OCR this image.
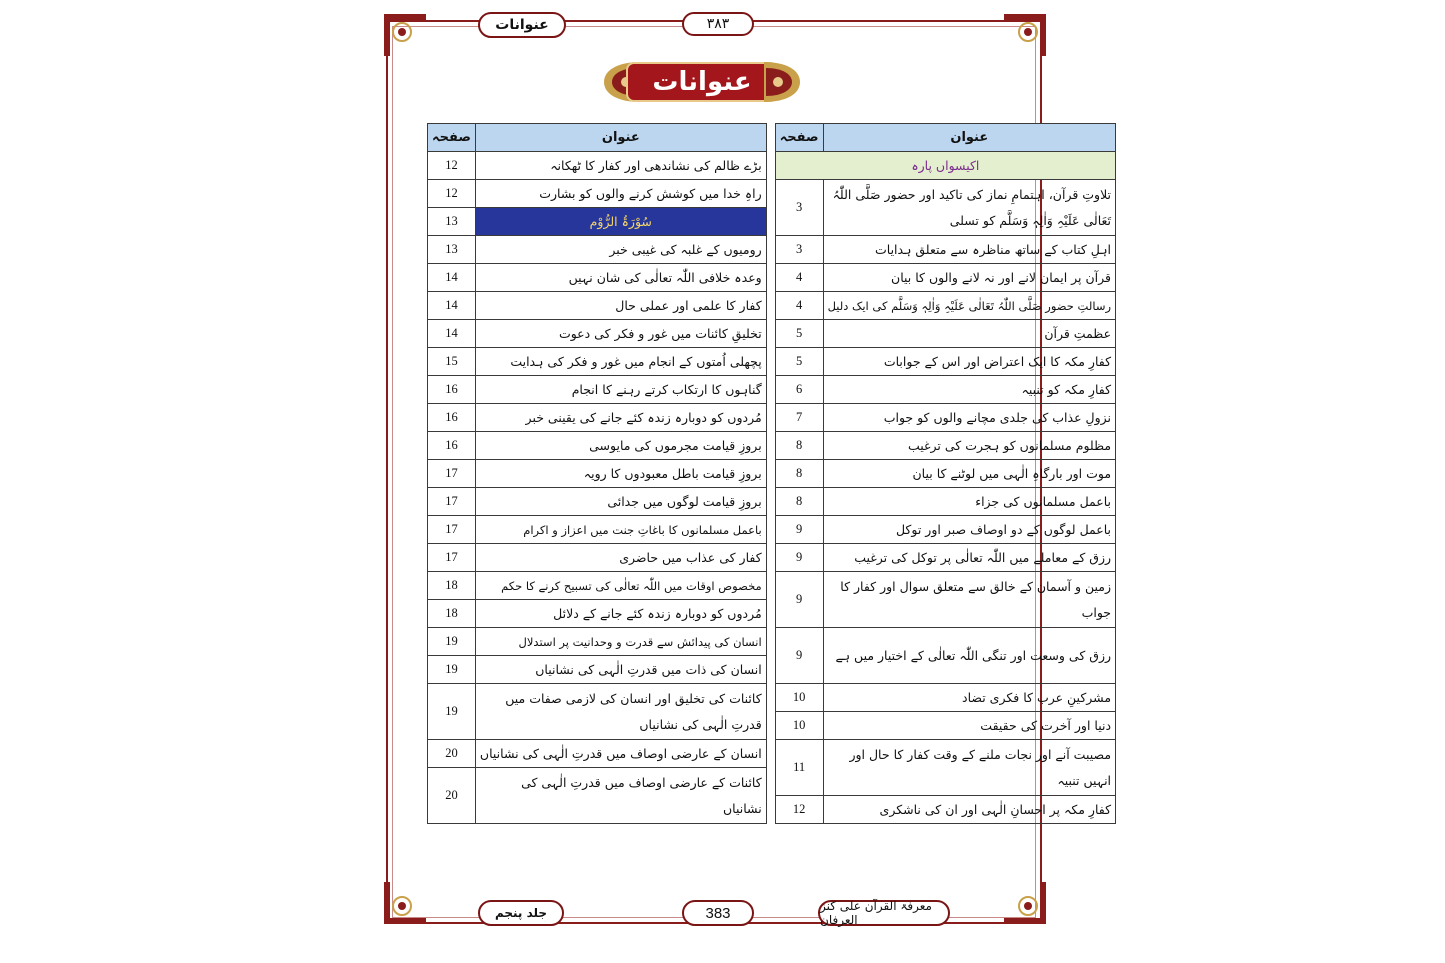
عنوانات	٣٨٣
عنوانات
عنوان	صفحہ		عنوان	صفحہ
اکیسواں پارہ			بڑے ظالم کی نشاندھی اور کفار کا ٹھکانہ	12
تلاوتِ قرآن، اہتمامِ نماز کی تاکید اور حضور صَلَّی اللّٰہُ تَعَالٰی عَلَیْہِ وَاٰلِہٖ وَسَلَّم کو تسلی	3		راہِ خدا میں کوشش کرنے والوں کو بشارت	12
			سُوْرَۃُ الرُّوْم	13
اہلِ کتاب کے ساتھ مناظرہ سے متعلق ہدایات	3		رومیوں کے غلبہ کی غیبی خبر	13
قرآن پر ایمان لانے اور نہ لانے والوں کا بیان	4		وعدہ خلافی اللّٰہ تعالٰی کی شان نہیں	14
رسالتِ حضور صَلَّی اللّٰہُ تَعَالٰی عَلَیْہِ وَاٰلِہٖ وَسَلَّم کی ایک دلیل	4		کفار کا علمی اور عملی حال	14
عظمتِ قرآن	5		تخلیقِ کائنات میں غور و فکر کی دعوت	14
کفارِ مکہ کا ایک اعتراض اور اس کے جوابات	5		پچھلی اُمتوں کے انجام میں غور و فکر کی ہدایت	15
کفارِ مکہ کو تنبیہ	6		گناہوں کا ارتکاب کرتے رہنے کا انجام	16
نزولِ عذاب کی جلدی مچانے والوں کو جواب	7		مُردوں کو دوبارہ زندہ کئے جانے کی یقینی خبر	16
مظلوم مسلمانوں کو ہجرت کی ترغیب	8		بروزِ قیامت مجرموں کی مایوسی	16
موت اور بارگاہِ الٰہی میں لوٹنے کا بیان	8		بروزِ قیامت باطل معبودوں کا رویہ	17
باعمل مسلمانوں کی جزاء	8		بروزِ قیامت لوگوں میں جدائی	17
باعمل لوگوں کے دو اوصاف صبر اور توکل	9		باعمل مسلمانوں کا باغاتِ جنت میں اعزاز و اکرام	17
رزق کے معاملے میں اللّٰہ تعالٰی پر توکل کی ترغیب	9		کفار کی عذاب میں حاضری	17
زمین و آسمان کے خالق سے متعلق سوال اور کفار کا جواب	9		مخصوص اوقات میں اللّٰہ تعالٰی کی تسبیح کرنے کا حکم	18
			مُردوں کو دوبارہ زندہ کئے جانے کے دلائل	18
رزق کی وسعت اور تنگی اللّٰہ تعالٰی کے اختیار میں ہے	9		انسان کی پیدائش سے قدرت و وحدانیت پر استدلال	19
			انسان کی ذات میں قدرتِ الٰہی کی نشانیاں	19
مشرکینِ عرب کا فکری تضاد	10		کائنات کی تخلیق اور انسان کی لازمی صفات میں قدرتِ الٰہی کی نشانیاں	19
دنیا اور آخرت کی حقیقت	10			
مصیبت آنے اور نجات ملنے کے وقت کفار کا حال اور انہیں تنبیہ	11		انسان کے عارضی اوصاف میں قدرتِ الٰہی کی نشانیاں	20
			کائنات کے عارضی اوصاف میں قدرتِ الٰہی کی نشانیاں	20
کفارِ مکہ پر احسانِ الٰہی اور ان کی ناشکری	12			
معرفۃ القرآن علی کنز العرفان
383
جلد پنجم
